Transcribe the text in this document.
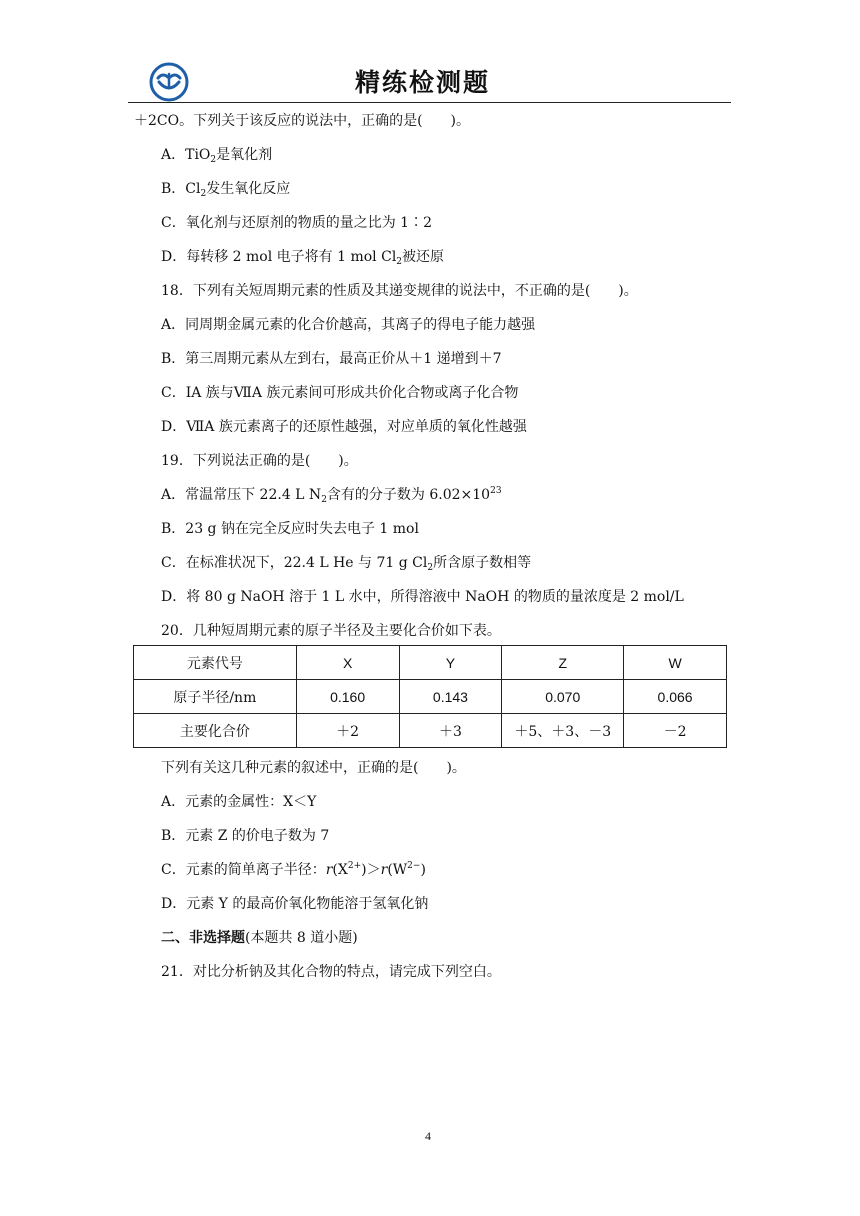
精练检测题
＋2CO。下列关于该反应的说法中，正确的是(　　)。
A．TiO$_2$是氧化剂
B．$Cl_2$发生氧化反应
C．氧化剂与还原剂的物质的量之比为 1∶2
D．每转移 2 mol 电子将有 1 mol $Cl_2$被还原
18．下列有关短周期元素的性质及其递变规律的说法中，不正确的是(　　)。
A．同周期金属元素的化合价越高，其离子的得电子能力越强
B．第三周期元素从左到右，最高正价从＋1 递增到＋7
C．ⅠA 族与ⅦA 族元素间可形成共价化合物或离子化合物
D．ⅦA 族元素离子的还原性越强，对应单质的氧化性越强
19．下列说法正确的是(　　)。
A．常温常压下 22.4 L $N_2$含有的分子数为 $6.02\times 10^{23}$
B．23 g 钠在完全反应时失去电子 1 mol
C．在标准状况下，22.4 L He 与 71 g $Cl_2$所含原子数相等
D．将 80 g NaOH 溶于 1 L 水中，所得溶液中 NaOH 的物质的量浓度是 2 mol/L
20．几种短周期元素的原子半径及主要化合价如下表。
元素代号	X	Y	Z	W
原子半径/nm	0.160	0.143	0.070	0.066
主要化合价	＋2	＋3	＋5、＋3、－3	－2
下列有关这几种元素的叙述中，正确的是(　　)。
A．元素的金属性：X＜Y
B．元素 Z 的价电子数为 7
C．元素的简单离子半径：$r(X^{2+})>r(W^{2-})$
D．元素 Y 的最高价氧化物能溶于氢氧化钠
二、非选择题(本题共 8 道小题)
21．对比分析钠及其化合物的特点，请完成下列空白。
4
